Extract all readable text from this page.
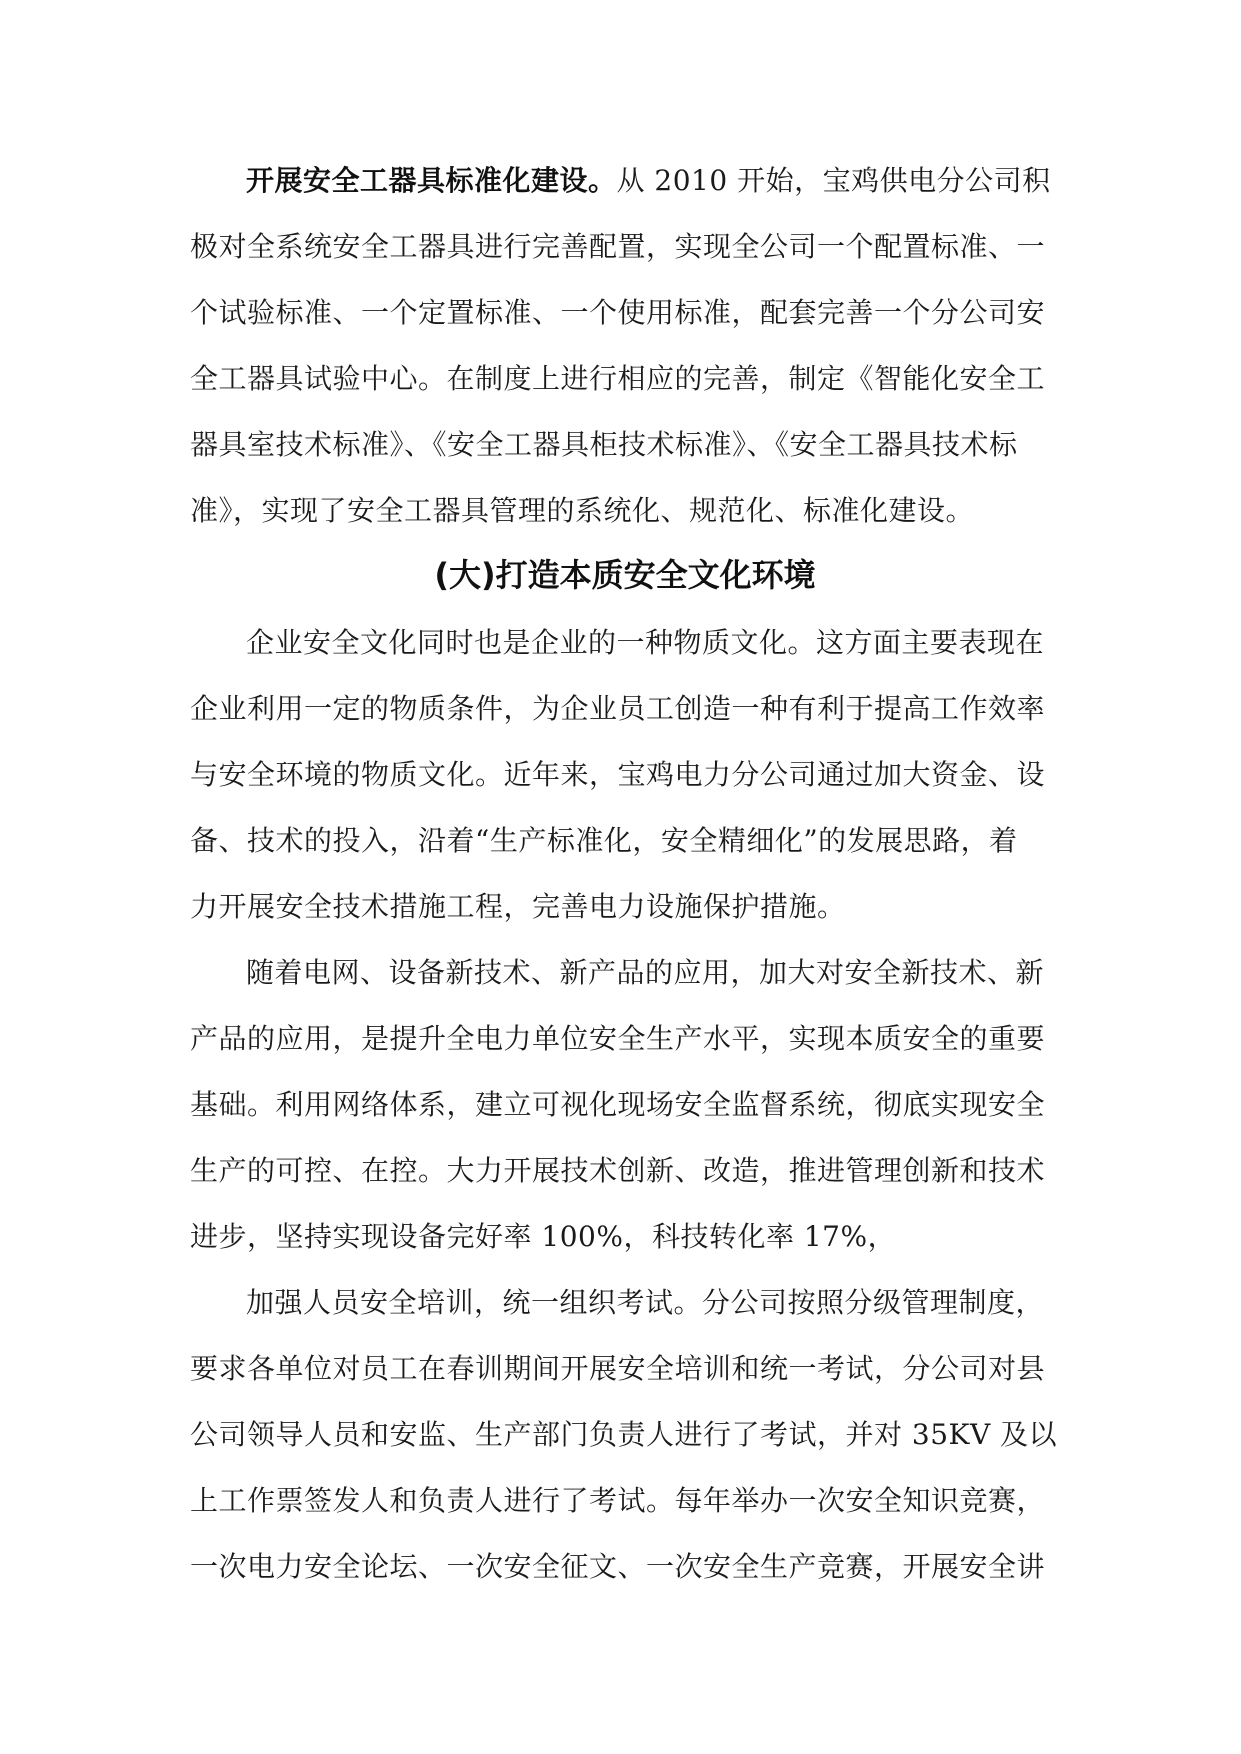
开展安全工器具标准化建设。从 2010 开始，宝鸡供电分公司积
极对全系统安全工器具进行完善配置，实现全公司一个配置标准、一
个试验标准、一个定置标准、一个使用标准，配套完善一个分公司安
全工器具试验中心。在制度上进行相应的完善，制定《智能化安全工
器具室技术标准》、《安全工器具柜技术标准》、《安全工器具技术标
准》，实现了安全工器具管理的系统化、规范化、标准化建设。
(大)打造本质安全文化环境
企业安全文化同时也是企业的一种物质文化。这方面主要表现在
企业利用一定的物质条件，为企业员工创造一种有利于提高工作效率
与安全环境的物质文化。近年来，宝鸡电力分公司通过加大资金、设
备、技术的投入，沿着“生产标准化，安全精细化”的发展思路，着
力开展安全技术措施工程，完善电力设施保护措施。
随着电网、设备新技术、新产品的应用，加大对安全新技术、新
产品的应用，是提升全电力单位安全生产水平，实现本质安全的重要
基础。利用网络体系，建立可视化现场安全监督系统，彻底实现安全
生产的可控、在控。大力开展技术创新、改造，推进管理创新和技术
进步，坚持实现设备完好率 100%，科技转化率 17%，
加强人员安全培训，统一组织考试。分公司按照分级管理制度，
要求各单位对员工在春训期间开展安全培训和统一考试，分公司对县
公司领导人员和安监、生产部门负责人进行了考试，并对 35KV 及以
上工作票签发人和负责人进行了考试。每年举办一次安全知识竞赛，
一次电力安全论坛、一次安全征文、一次安全生产竞赛，开展安全讲
